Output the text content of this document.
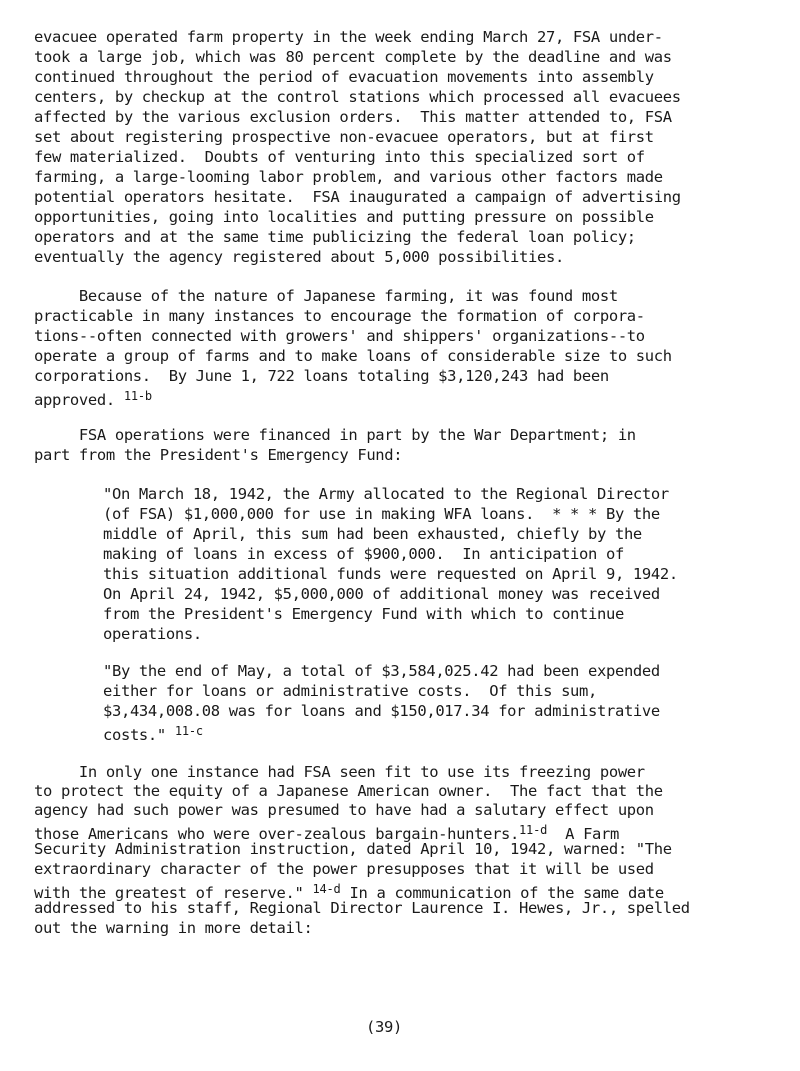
evacuee operated farm property in the week ending March 27, FSA under-
took a large job, which was 80 percent complete by the deadline and was
continued throughout the period of evacuation movements into assembly
centers, by checkup at the control stations which processed all evacuees
affected by the various exclusion orders.  This matter attended to, FSA
set about registering prospective non-evacuee operators, but at first
few materialized.  Doubts of venturing into this specialized sort of
farming, a large-looming labor problem, and various other factors made
potential operators hesitate.  FSA inaugurated a campaign of advertising
opportunities, going into localities and putting pressure on possible
operators and at the same time publicizing the federal loan policy;
eventually the agency registered about 5,000 possibilities.
Because of the nature of Japanese farming, it was found most
practicable in many instances to encourage the formation of corpora-
tions--often connected with growers' and shippers' organizations--to
operate a group of farms and to make loans of considerable size to such
corporations.  By June 1, 722 loans totaling $3,120,243 had been
approved. $^{11-b}$
FSA operations were financed in part by the War Department; in
part from the President's Emergency Fund:
"On March 18, 1942, the Army allocated to the Regional Director
(of FSA) $1,000,000 for use in making WFA loans.  * * * By the
middle of April, this sum had been exhausted, chiefly by the
making of loans in excess of $900,000.  In anticipation of
this situation additional funds were requested on April 9, 1942.
On April 24, 1942, $5,000,000 of additional money was received
from the President's Emergency Fund with which to continue
operations.
"By the end of May, a total of $3,584,025.42 had been expended
either for loans or administrative costs.  Of this sum,
$3,434,008.08 was for loans and $150,017.34 for administrative
costs." $^{11-c}$
In only one instance had FSA seen fit to use its freezing power
to protect the equity of a Japanese American owner.  The fact that the
agency had such power was presumed to have had a salutary effect upon
those Americans who were over-zealous bargain-hunters.$^{11-d}$  A Farm
Security Administration instruction, dated April 10, 1942, warned: "The
extraordinary character of the power presupposes that it will be used
with the greatest of reserve." $^{14-d}$ In a communication of the same date
addressed to his staff, Regional Director Laurence I. Hewes, Jr., spelled
out the warning in more detail:
(39)
